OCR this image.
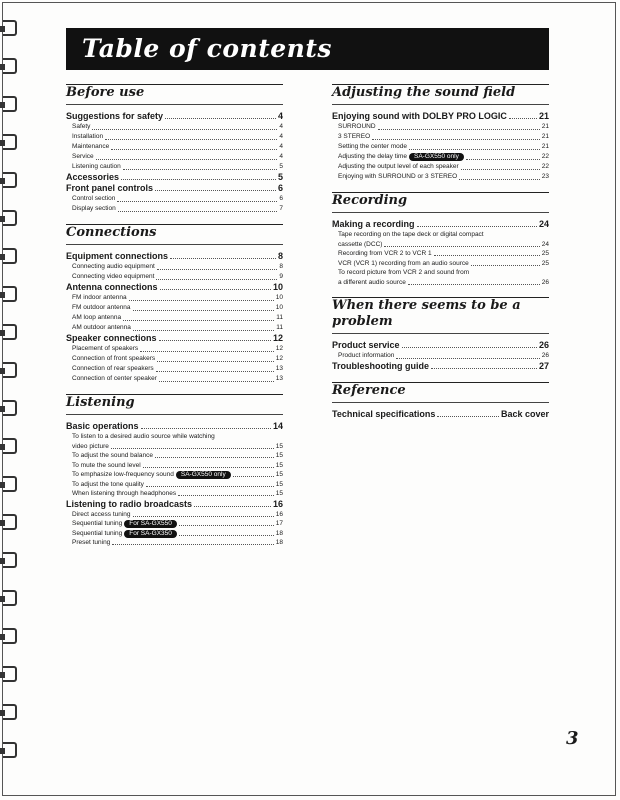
Table of contents
Before use
Suggestions for safety	4
Safety	4
Installation	4
Maintenance	4
Service	4
Listening caution	5
Accessories	5
Front panel controls	6
Control section	6
Display section	7
Connections
Equipment connections	8
Connecting audio equipment	8
Connecting video equipment	9
Antenna connections	10
FM indoor antenna	10
FM outdoor antenna	10
AM loop antenna	11
AM outdoor antenna	11
Speaker connections	12
Placement of speakers	12
Connection of front speakers	12
Connection of rear speakers	13
Connection of center speaker	13
Listening
Basic operations	14
To listen to a desired audio source while watching
video picture	15
To adjust the sound balance	15
To mute the sound level	15
To emphasize low-frequency sound	SA-GX550 only	15
To adjust the tone quality	15
When listening through headphones	15
Listening to radio broadcasts	16
Direct access tuning	16
Sequential tuning	For SA-GX550	17
Sequential tuning	For SA-GX350	18
Preset tuning	18
Adjusting the sound field
Enjoying sound with DOLBY PRO LOGIC	21
SURROUND	21
3 STEREO	21
Setting the center mode	21
Adjusting the delay time	SA-GX550 only	22
Adjusting the output level of each speaker	22
Enjoying with SURROUND or 3 STEREO	23
Recording
Making a recording	24
Tape recording on the tape deck or digital compact
cassette (DCC)	24
Recording from VCR 2 to VCR 1	25
VCR (VCR 1) recording from an audio source	25
To record picture from VCR 2 and sound from
a different audio source	26
When there seems to be a
problem
Product service	26
Product information	26
Troubleshooting guide	27
Reference
Technical specifications	Back cover
3
